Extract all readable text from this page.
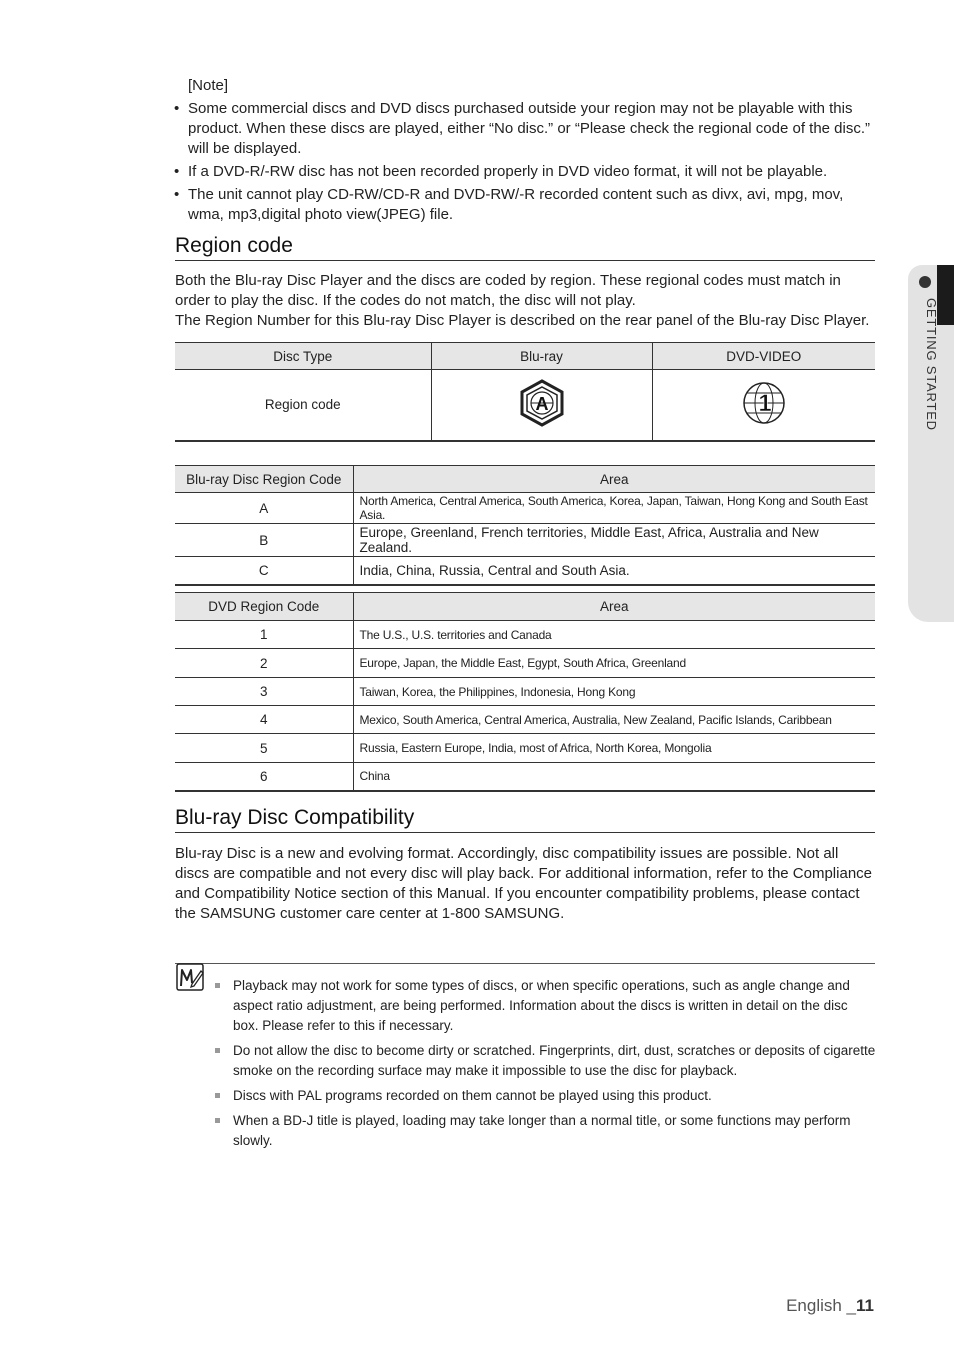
[Note]
• Some commercial discs and DVD discs purchased outside your region may not be playable with this product. When these discs are played, either “No disc.” or “Please check the regional code of the disc.” will be displayed.
• If a DVD-R/-RW disc has not been recorded properly in DVD video format, it will not be playable.
• The unit cannot play CD-RW/CD-R and DVD-RW/-R recorded content such as divx, avi, mpg, mov, wma, mp3,digital photo view(JPEG) file.
Region code
Both the Blu-ray Disc Player and the discs are coded by region. These regional codes must match in order to play the disc. If the codes do not match, the disc will not play.
The Region Number for this Blu-ray Disc Player is described on the rear panel of the Blu-ray Disc Player.
Disc Type	Blu-ray	DVD-VIDEO
Region code	A	1
Blu-ray Disc Region Code	Area
A	North America, Central America, South America, Korea, Japan, Taiwan, Hong Kong and South East Asia.
B	Europe, Greenland, French territories, Middle East, Africa, Australia and New Zealand.
C	India, China, Russia, Central and South Asia.
DVD Region Code	Area
1	The U.S., U.S. territories and Canada
2	Europe, Japan, the Middle East, Egypt, South Africa, Greenland
3	Taiwan, Korea, the Philippines, Indonesia, Hong Kong
4	Mexico, South America, Central America, Australia, New Zealand, Pacific Islands, Caribbean
5	Russia, Eastern Europe, India, most of Africa, North Korea, Mongolia
6	China
Blu-ray Disc Compatibility
Blu-ray Disc is a new and evolving format. Accordingly, disc compatibility issues are possible. Not all discs are compatible and not every disc will play back. For additional information, refer to the Compliance and Compatibility Notice section of this Manual. If you encounter compatibility problems, please contact the SAMSUNG customer care center at 1-800 SAMSUNG.
Playback may not work for some types of discs, or when specific operations, such as angle change and aspect ratio adjustment, are being performed. Information about the discs is written in detail on the disc box. Please refer to this if necessary.
Do not allow the disc to become dirty or scratched. Fingerprints, dirt, dust, scratches or deposits of cigarette smoke on the recording surface may make it impossible to use the disc for playback.
Discs with PAL programs recorded on them cannot be played using this product.
When a BD-J title is played, loading may take longer than a normal title, or some functions may perform slowly.
GETTING STARTED
English _11
